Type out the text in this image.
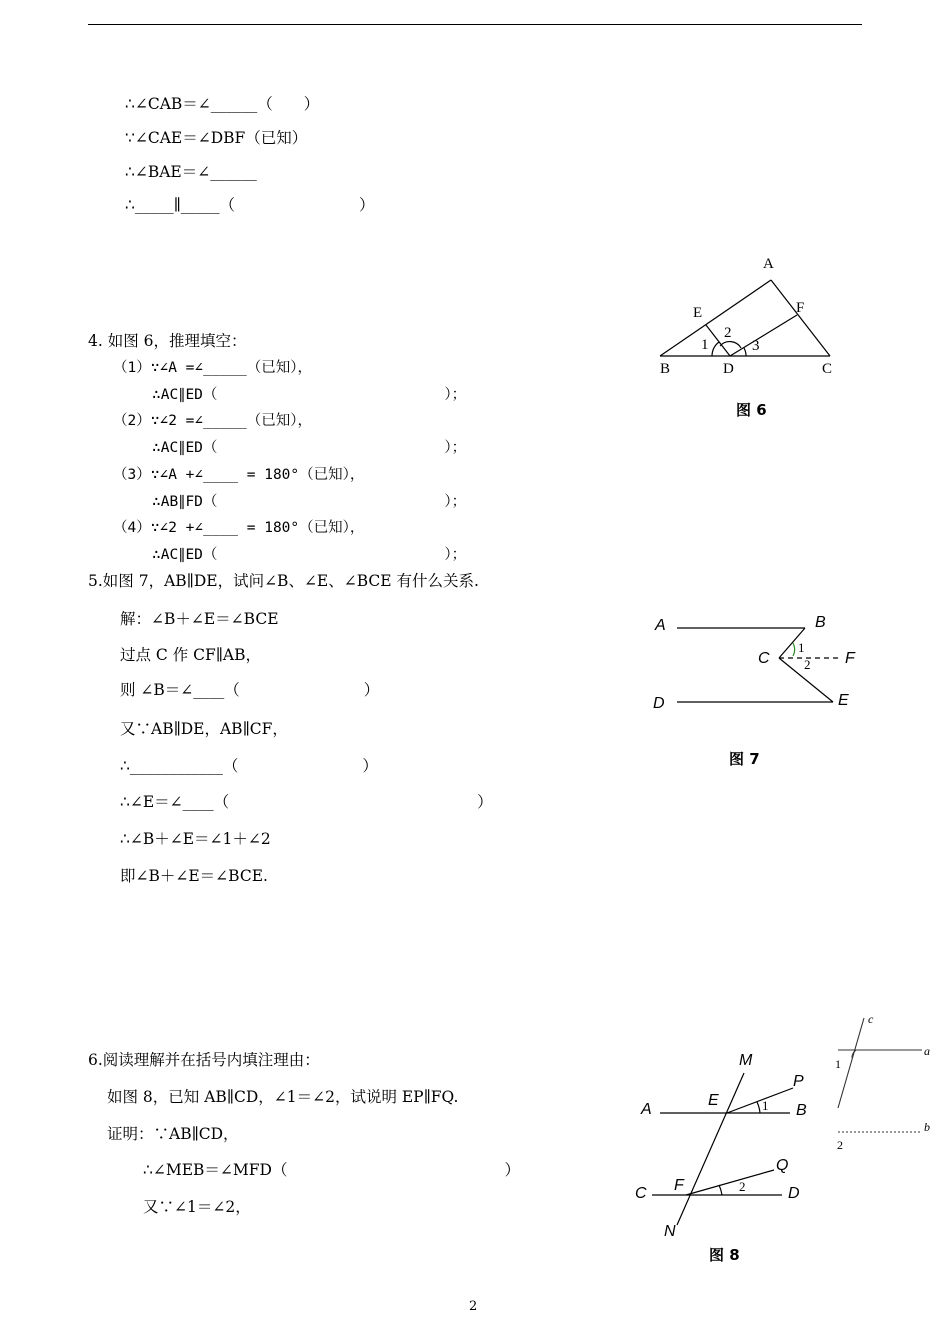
∴∠CAB＝∠______（　　）
∵∠CAE＝∠DBF（已知）
∴∠BAE＝∠______
∴_____∥_____（　　　　　　　　）
4. 如图 6，推理填空：
（1）∵∠A =∠_____（已知），
∴AC∥ED（                          ）；
（2）∵∠2 =∠_____（已知），
∴AC∥ED（                          ）；
（3）∵∠A +∠____ = 180°（已知），
∴AB∥FD（                          ）；
（4）∵∠2 +∠____ = 180°（已知），
∴AC∥ED（                          ）；
5.如图 7，AB∥DE，试问∠B、∠E、∠BCE 有什么关系.
解：∠B＋∠E＝∠BCE
过点 C 作 CF∥AB，
则 ∠B＝∠____（　　　　　　　　）
又∵AB∥DE，AB∥CF，
∴____________（　　　　　　　　）
∴∠E＝∠____（　　　　　　　　　　　　　　　　）
∴∠B＋∠E＝∠1＋∠2
即∠B＋∠E＝∠BCE.
6.阅读理解并在括号内填注理由：
如图 8，已知 AB∥CD，∠1＝∠2，试说明 EP∥FQ.
证明：∵AB∥CD，
∴∠MEB＝∠MFD（　　　　　　　　　　　　　　）
又∵∠1＝∠2，
A
B	C
D
E	F
1
2
3
图 6
A	B
C
D	E
F
1
2
图 7
M
P
A
E
B
1
Q
C F	2	D
N
图 8
c
a
b
1
2
2
